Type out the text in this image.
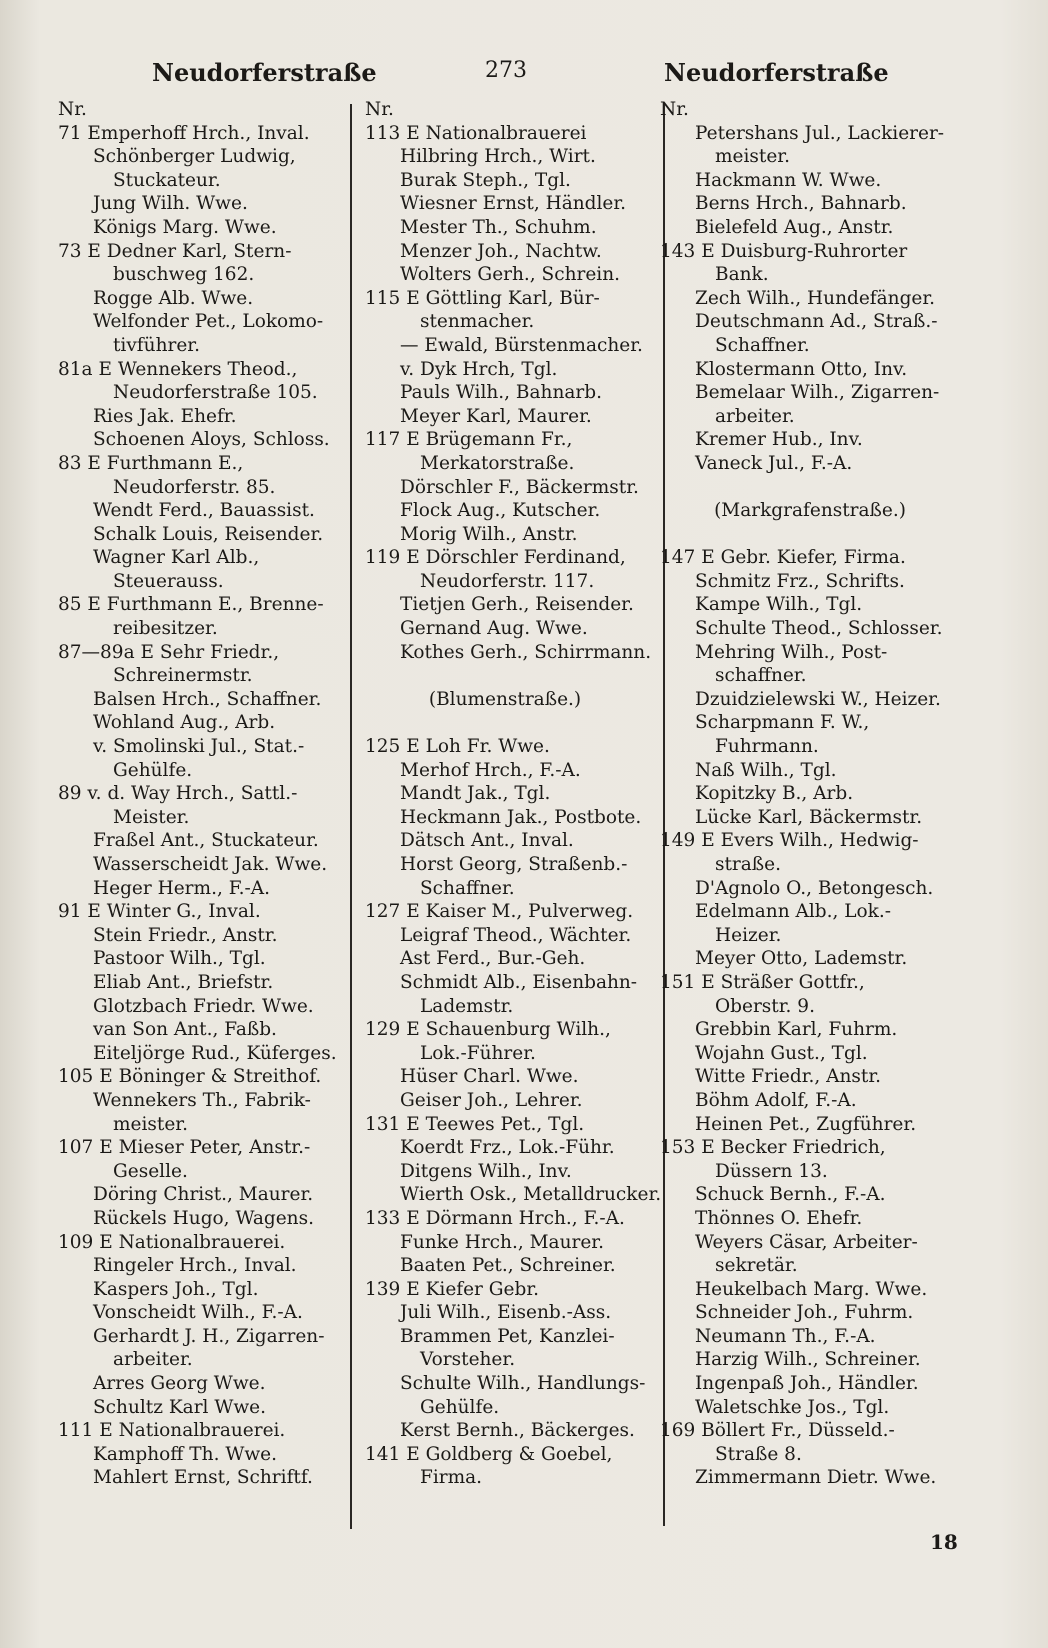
Neudorferstraße	273	Neudorferstraße
Nr.
71 Emperhoff Hrch., Inval.
Schönberger Ludwig,
Stuckateur.
Jung Wilh. Wwe.
Königs Marg. Wwe.
73 E Dedner Karl, Stern-
buschweg 162.
Rogge Alb. Wwe.
Welfonder Pet., Lokomo-
tivführer.
81a E Wennekers Theod.,
Neudorferstraße 105.
Ries Jak. Ehefr.
Schoenen Aloys, Schloss.
83 E Furthmann E.,
Neudorferstr. 85.
Wendt Ferd., Bauassist.
Schalk Louis, Reisender.
Wagner Karl Alb.,
Steuerauss.
85 E Furthmann E., Brenne-
reibesitzer.
87—89a E Sehr Friedr.,
Schreinermstr.
Balsen Hrch., Schaffner.
Wohland Aug., Arb.
v. Smolinski Jul., Stat.-
Gehülfe.
89 v. d. Way Hrch., Sattl.-
Meister.
Fraßel Ant., Stuckateur.
Wasserscheidt Jak. Wwe.
Heger Herm., F.-A.
91 E Winter G., Inval.
Stein Friedr., Anstr.
Pastoor Wilh., Tgl.
Eliab Ant., Briefstr.
Glotzbach Friedr. Wwe.
van Son Ant., Faßb.
Eiteljörge Rud., Küferges.
105 E Böninger & Streithof.
Wennekers Th., Fabrik-
meister.
107 E Mieser Peter, Anstr.-
Geselle.
Döring Christ., Maurer.
Rückels Hugo, Wagens.
109 E Nationalbrauerei.
Ringeler Hrch., Inval.
Kaspers Joh., Tgl.
Vonscheidt Wilh., F.-A.
Gerhardt J. H., Zigarren-
arbeiter.
Arres Georg Wwe.
Schultz Karl Wwe.
111 E Nationalbrauerei.
Kamphoff Th. Wwe.
Mahlert Ernst, Schriftf.
Nr.
113 E Nationalbrauerei
Hilbring Hrch., Wirt.
Burak Steph., Tgl.
Wiesner Ernst, Händler.
Mester Th., Schuhm.
Menzer Joh., Nachtw.
Wolters Gerh., Schrein.
115 E Göttling Karl, Bür-
stenmacher.
— Ewald, Bürstenmacher.
v. Dyk Hrch, Tgl.
Pauls Wilh., Bahnarb.
Meyer Karl, Maurer.
117 E Brügemann Fr.,
Merkatorstraße.
Dörschler F., Bäckermstr.
Flock Aug., Kutscher.
Morig Wilh., Anstr.
119 E Dörschler Ferdinand,
Neudorferstr. 117.
Tietjen Gerh., Reisender.
Gernand Aug. Wwe.
Kothes Gerh., Schirrmann.
(Blumenstraße.)
125 E Loh Fr. Wwe.
Merhof Hrch., F.-A.
Mandt Jak., Tgl.
Heckmann Jak., Postbote.
Dätsch Ant., Inval.
Horst Georg, Straßenb.-
Schaffner.
127 E Kaiser M., Pulverweg.
Leigraf Theod., Wächter.
Ast Ferd., Bur.-Geh.
Schmidt Alb., Eisenbahn-
Lademstr.
129 E Schauenburg Wilh.,
Lok.-Führer.
Hüser Charl. Wwe.
Geiser Joh., Lehrer.
131 E Teewes Pet., Tgl.
Koerdt Frz., Lok.-Führ.
Ditgens Wilh., Inv.
Wierth Osk., Metalldrucker.
133 E Dörmann Hrch., F.-A.
Funke Hrch., Maurer.
Baaten Pet., Schreiner.
139 E Kiefer Gebr.
Juli Wilh., Eisenb.-Ass.
Brammen Pet, Kanzlei-
Vorsteher.
Schulte Wilh., Handlungs-
Gehülfe.
Kerst Bernh., Bäckerges.
141 E Goldberg & Goebel,
Firma.
Nr.
Petershans Jul., Lackierer-
meister.
Hackmann W. Wwe.
Berns Hrch., Bahnarb.
Bielefeld Aug., Anstr.
143 E Duisburg-Ruhrorter
Bank.
Zech Wilh., Hundefänger.
Deutschmann Ad., Straß.-
Schaffner.
Klostermann Otto, Inv.
Bemelaar Wilh., Zigarren-
arbeiter.
Kremer Hub., Inv.
Vaneck Jul., F.-A.
(Markgrafenstraße.)
147 E Gebr. Kiefer, Firma.
Schmitz Frz., Schrifts.
Kampe Wilh., Tgl.
Schulte Theod., Schlosser.
Mehring Wilh., Post-
schaffner.
Dzuidzielewski W., Heizer.
Scharpmann F. W.,
Fuhrmann.
Naß Wilh., Tgl.
Kopitzky B., Arb.
Lücke Karl, Bäckermstr.
149 E Evers Wilh., Hedwig-
straße.
D'Agnolo O., Betongesch.
Edelmann Alb., Lok.-
Heizer.
Meyer Otto, Lademstr.
151 E Sträßer Gottfr.,
Oberstr. 9.
Grebbin Karl, Fuhrm.
Wojahn Gust., Tgl.
Witte Friedr., Anstr.
Böhm Adolf, F.-A.
Heinen Pet., Zugführer.
153 E Becker Friedrich,
Düssern 13.
Schuck Bernh., F.-A.
Thönnes O. Ehefr.
Weyers Cäsar, Arbeiter-
sekretär.
Heukelbach Marg. Wwe.
Schneider Joh., Fuhrm.
Neumann Th., F.-A.
Harzig Wilh., Schreiner.
Ingenpaß Joh., Händler.
Waletschke Jos., Tgl.
169 Böllert Fr., Düsseld.-
Straße 8.
Zimmermann Dietr. Wwe.
18
